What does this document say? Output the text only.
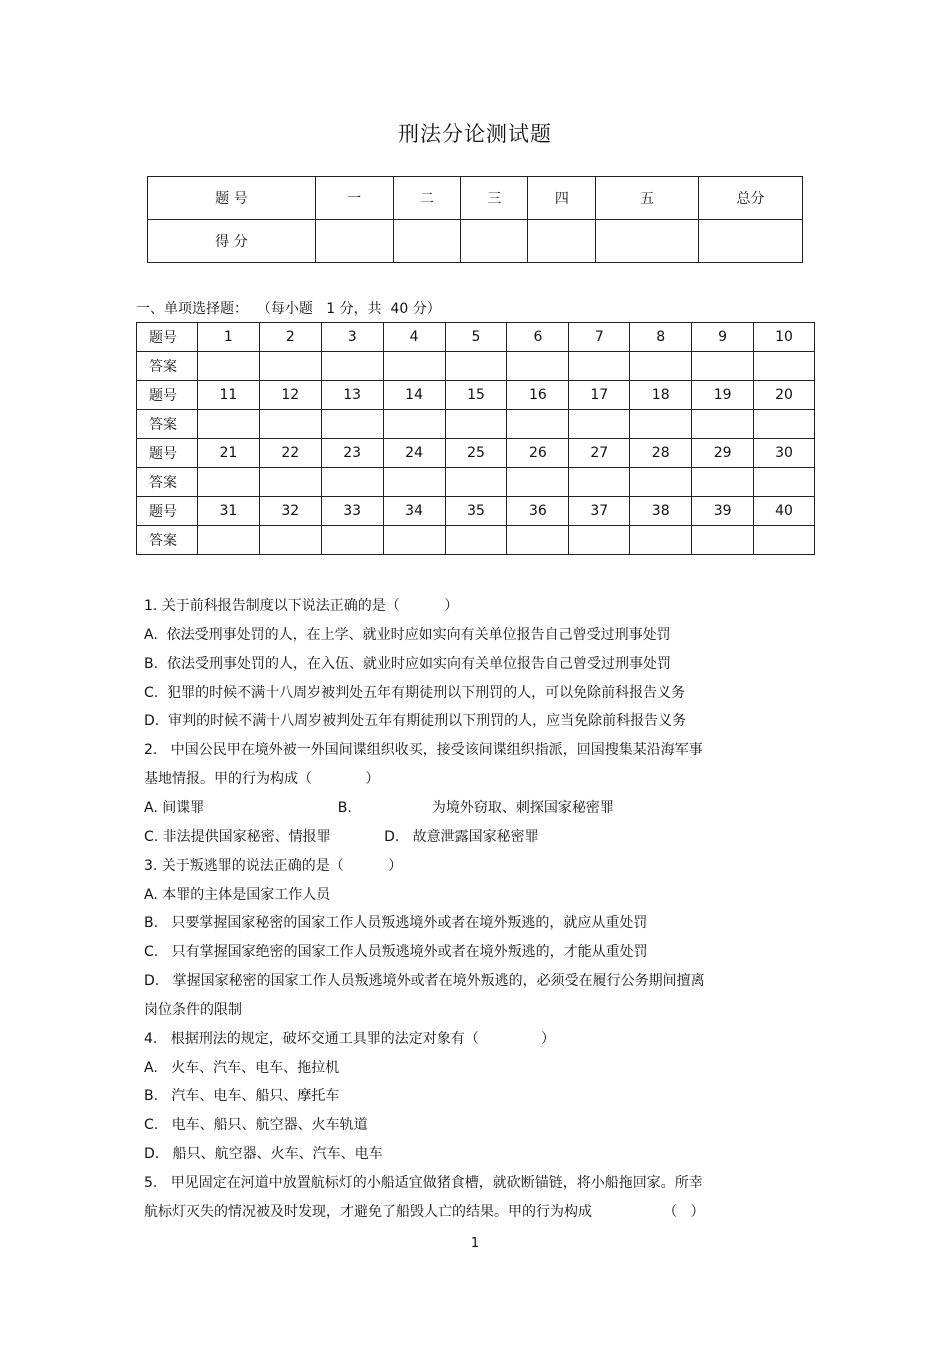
刑法分论测试题
题 号	一	二	三	四	五	总分
得 分						
一、单项选择题：  （每小题   1 分，共  40 分）
题号	1	2	3	4	5	6	7	8	9	10
答案										
题号	11	12	13	14	15	16	17	18	19	20
答案										
题号	21	22	23	24	25	26	27	28	29	30
答案										
题号	31	32	33	34	35	36	37	38	39	40
答案										
1. 关于前科报告制度以下说法正确的是（          ）
A.  依法受刑事处罚的人，在上学、就业时应如实向有关单位报告自己曾受过刑事处罚
B.  依法受刑事处罚的人，在入伍、就业时应如实向有关单位报告自己曾受过刑事处罚
C.  犯罪的时候不满十八周岁被判处五年有期徒刑以下刑罚的人，可以免除前科报告义务
D.  审判的时候不满十八周岁被判处五年有期徒刑以下刑罚的人，应当免除前科报告义务
2.   中国公民甲在境外被一外国间谍组织收买，接受该间谍组织指派，回国搜集某沿海军事
基地情报。甲的行为构成（            ）
A. 间谍罪                              B.                  为境外窃取、刺探国家秘密罪
C. 非法提供国家秘密、情报罪            D.   故意泄露国家秘密罪
3. 关于叛逃罪的说法正确的是（          ）
A. 本罪的主体是国家工作人员
B.   只要掌握国家秘密的国家工作人员叛逃境外或者在境外叛逃的，就应从重处罚
C.   只有掌握国家绝密的国家工作人员叛逃境外或者在境外叛逃的，才能从重处罚
D.   掌握国家秘密的国家工作人员叛逃境外或者在境外叛逃的，必须受在履行公务期间擅离
岗位条件的限制
4.   根据刑法的规定，破坏交通工具罪的法定对象有（              ）
A.   火车、汽车、电车、拖拉机
B.   汽车、电车、船只、摩托车
C.   电车、船只、航空器、火车轨道
D.   船只、航空器、火车、汽车、电车
5.   甲见固定在河道中放置航标灯的小船适宜做猪食槽，就砍断锚链，将小船拖回家。所幸
航标灯灭失的情况被及时发现，才避免了船毁人亡的结果。甲的行为构成                （   ）
1
